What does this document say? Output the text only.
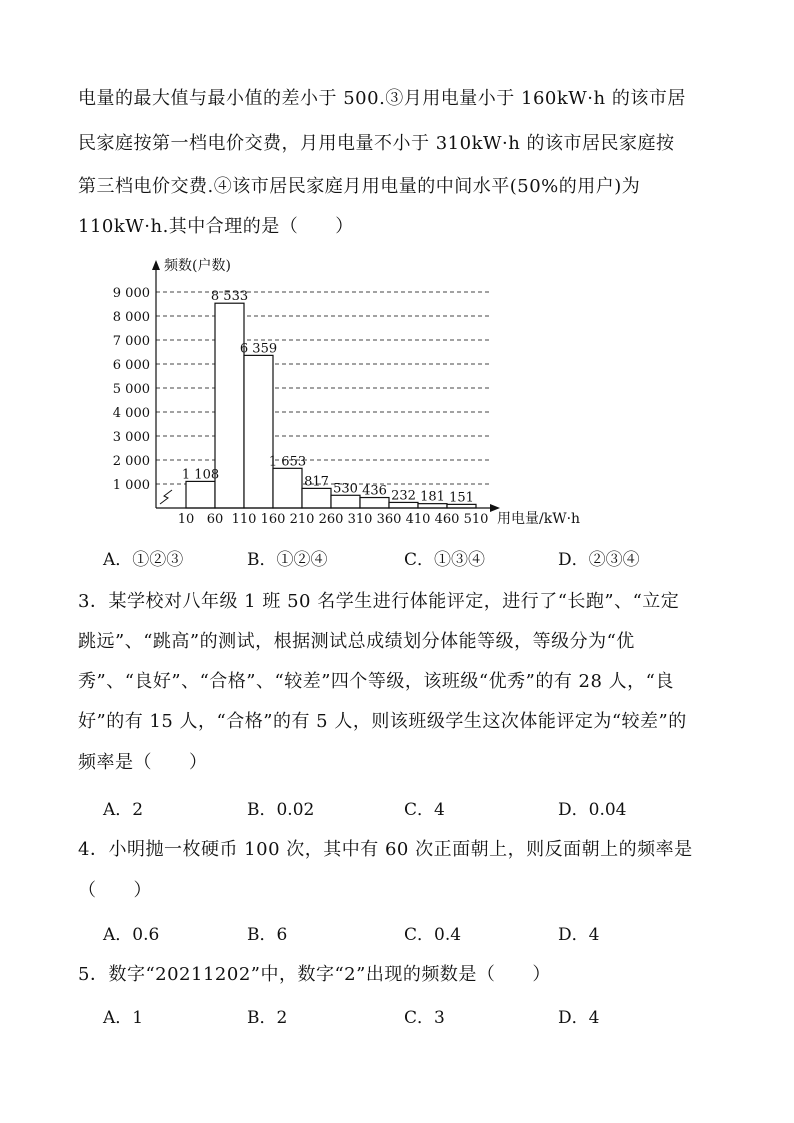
电量的最大值与最小值的差小于 500.③月用电量小于 160kW·h 的该市居
民家庭按第一档电价交费，月用电量不小于 310kW·h 的该市居民家庭按
第三档电价交费.④该市居民家庭月用电量的中间水平(50%的用户)为
110kW·h.其中合理的是（　　）
频数(户数)
用电量/kW·h
1 000
2 000
3 000
4 000
5 000
6 000
7 000
8 000
9 000
10 60 110 160 210 260 310 360 410 460 510
1 108
8 533
6 359
1 653
817 530 436 232 181 151
A．①②③	B．①②④	C．①③④	D．②③④
3．某学校对八年级 1 班 50 名学生进行体能评定，进行了“长跑”、“立定
跳远”、“跳高”的测试，根据测试总成绩划分体能等级，等级分为“优
秀”、“良好”、“合格”、“较差”四个等级，该班级“优秀”的有 28 人，“良
好”的有 15 人，“合格”的有 5 人，则该班级学生这次体能评定为“较差”的
频率是（　　）
A．2	B．0.02	C．4	D．0.04
4．小明抛一枚硬币 100 次，其中有 60 次正面朝上，则反面朝上的频率是
（　　）
A．0.6	B．6	C．0.4	D．4
5．数字“20211202”中，数字“2”出现的频数是（　　）
A．1	B．2	C．3	D．4
